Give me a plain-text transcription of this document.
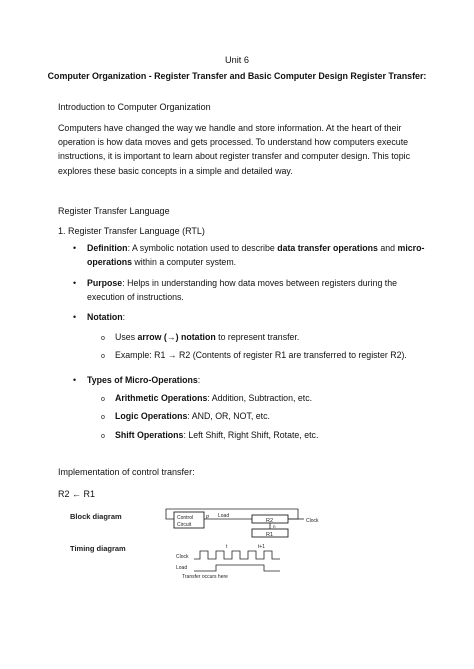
Unit 6
Computer Organization - Register Transfer and Basic Computer Design Register Transfer:
Introduction to Computer Organization
Computers have changed the way we handle and store information. At the heart of their
operation is how data moves and gets processed. To understand how computers execute
instructions, it is important to learn about register transfer and computer design. This topic
explores these basic concepts in a simple and detailed way.
Register Transfer Language
1. Register Transfer Language (RTL)
• Definition: A symbolic notation used to describe data transfer operations and micro-
operations within a computer system.
• Purpose: Helps in understanding how data moves between registers during the
execution of instructions.
• Notation:
o Uses arrow (→) notation to represent transfer.
o Example: R1 → R2 (Contents of register R1 are transferred to register R2).
• Types of Micro-Operations:
o Arithmetic Operations: Addition, Subtraction, etc.
o Logic Operations: AND, OR, NOT, etc.
o Shift Operations: Left Shift, Right Shift, Rotate, etc.
Implementation of control transfer:
R2 ← R1
Block diagram
Timing diagram
Control
Circuit
P Load
R2
R1
n
Clock
Clock
t	t+1
Load
Transfer occurs here
